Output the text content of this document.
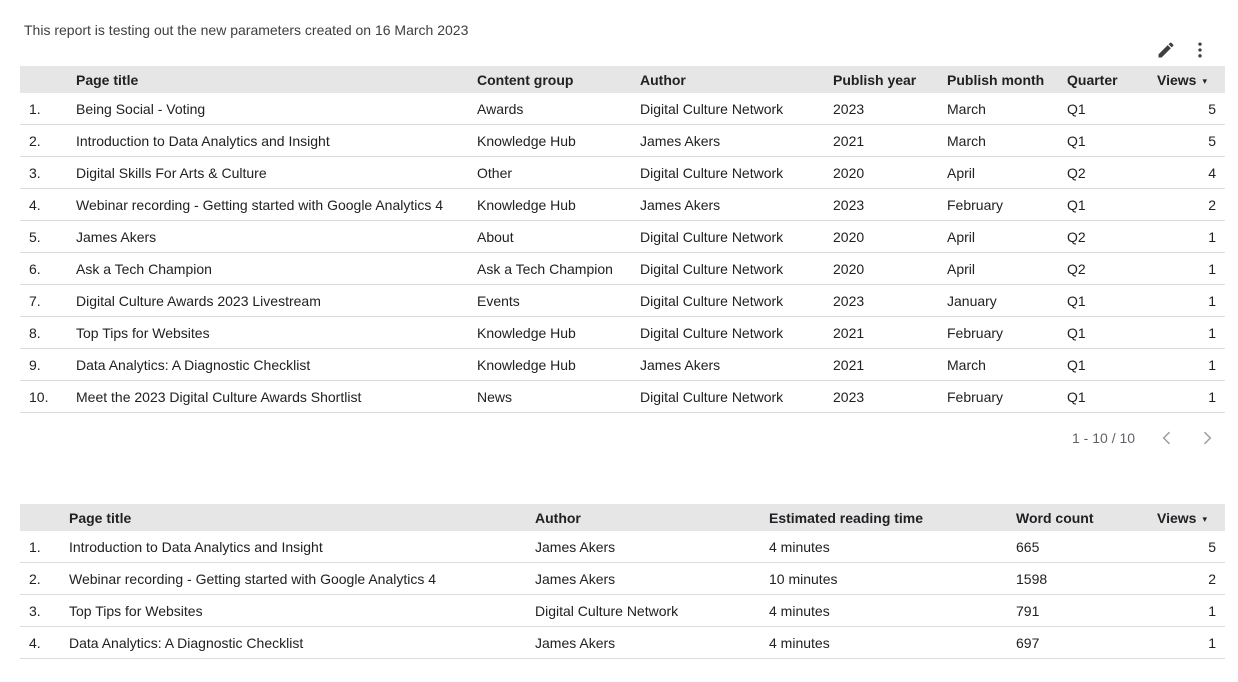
This report is testing out the new parameters created on 16 March 2023
	Page title	Content group	Author	Publish year	Publish month	Quarter	Views ▾
1.	Being Social - Voting	Awards	Digital Culture Network	2023	March	Q1	5
2.	Introduction to Data Analytics and Insight	Knowledge Hub	James Akers	2021	March	Q1	5
3.	Digital Skills For Arts & Culture	Other	Digital Culture Network	2020	April	Q2	4
4.	Webinar recording - Getting started with Google Analytics 4	Knowledge Hub	James Akers	2023	February	Q1	2
5.	James Akers	About	Digital Culture Network	2020	April	Q2	1
6.	Ask a Tech Champion	Ask a Tech Champion	Digital Culture Network	2020	April	Q2	1
7.	Digital Culture Awards 2023 Livestream	Events	Digital Culture Network	2023	January	Q1	1
8.	Top Tips for Websites	Knowledge Hub	Digital Culture Network	2021	February	Q1	1
9.	Data Analytics: A Diagnostic Checklist	Knowledge Hub	James Akers	2021	March	Q1	1
10.	Meet the 2023 Digital Culture Awards Shortlist	News	Digital Culture Network	2023	February	Q1	1
1 - 10 / 10
	Page title	Author	Estimated reading time	Word count	Views ▾
1.	Introduction to Data Analytics and Insight	James Akers	4 minutes	665	5
2.	Webinar recording - Getting started with Google Analytics 4	James Akers	10 minutes	1598	2
3.	Top Tips for Websites	Digital Culture Network	4 minutes	791	1
4.	Data Analytics: A Diagnostic Checklist	James Akers	4 minutes	697	1
